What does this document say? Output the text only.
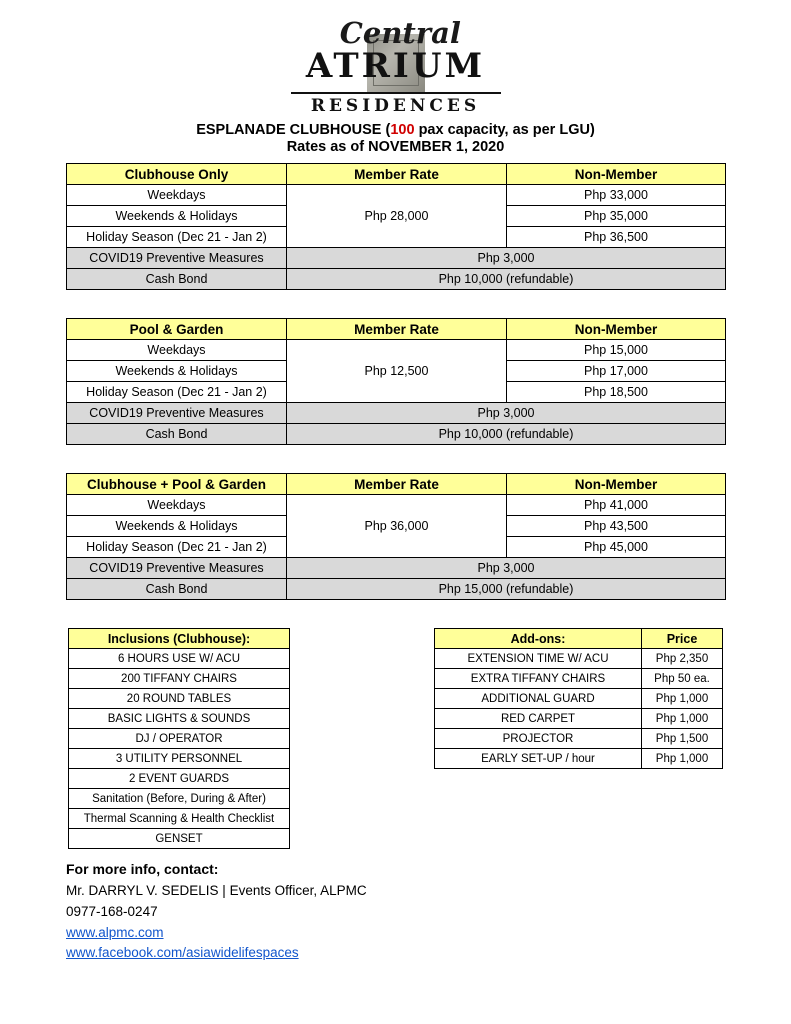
Central
ATRIUM
RESIDENCES
ESPLANADE CLUBHOUSE (100 pax capacity, as per LGU)
Rates as of NOVEMBER 1, 2020
Clubhouse Only	Member Rate	Non-Member
Weekdays	Php 28,000	Php 33,000
Weekends & Holidays		Php 35,000
Holiday Season (Dec 21 - Jan 2)		Php 36,500
COVID19 Preventive Measures	Php 3,000	
Cash Bond	Php 10,000 (refundable)	
Pool & Garden	Member Rate	Non-Member
Weekdays	Php 12,500	Php 15,000
Weekends & Holidays		Php 17,000
Holiday Season (Dec 21 - Jan 2)		Php 18,500
COVID19 Preventive Measures	Php 3,000	
Cash Bond	Php 10,000 (refundable)	
Clubhouse + Pool & Garden	Member Rate	Non-Member
Weekdays	Php 36,000	Php 41,000
Weekends & Holidays		Php 43,500
Holiday Season (Dec 21 - Jan 2)		Php 45,000
COVID19 Preventive Measures	Php 3,000	
Cash Bond	Php 15,000 (refundable)	
Inclusions (Clubhouse):
6 HOURS USE W/ ACU
200 TIFFANY CHAIRS
20 ROUND TABLES
BASIC LIGHTS & SOUNDS
DJ / OPERATOR
3 UTILITY PERSONNEL
2 EVENT GUARDS
Sanitation (Before, During & After)
Thermal Scanning & Health Checklist
GENSET
Add-ons:	Price
EXTENSION TIME W/ ACU	Php 2,350
EXTRA TIFFANY CHAIRS	Php 50 ea.
ADDITIONAL GUARD	Php 1,000
RED CARPET	Php 1,000
PROJECTOR	Php 1,500
EARLY SET-UP / hour	Php 1,000
For more info, contact:
Mr. DARRYL V. SEDELIS | Events Officer, ALPMC
0977-168-0247
www.alpmc.com
www.facebook.com/asiawidelifespaces
